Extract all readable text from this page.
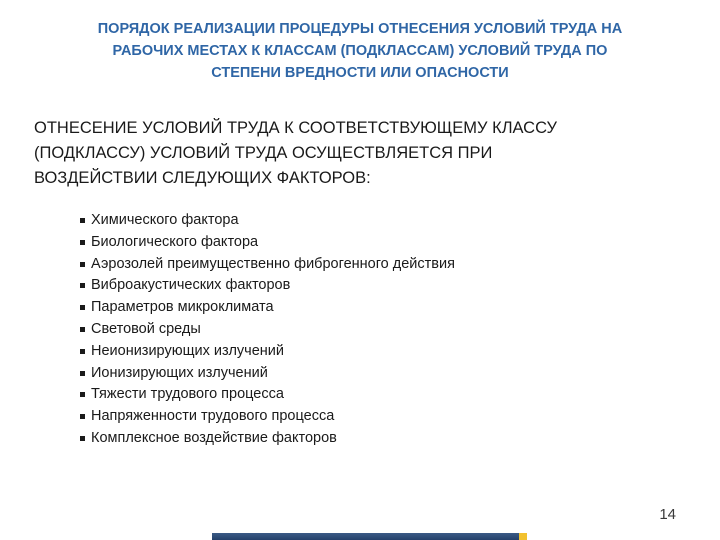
ПОРЯДОК РЕАЛИЗАЦИИ ПРОЦЕДУРЫ ОТНЕСЕНИЯ УСЛОВИЙ ТРУДА НА
РАБОЧИХ МЕСТАХ К КЛАССАМ (ПОДКЛАССАМ) УСЛОВИЙ ТРУДА ПО
СТЕПЕНИ ВРЕДНОСТИ ИЛИ ОПАСНОСТИ

ОТНЕСЕНИЕ УСЛОВИЙ ТРУДА К СООТВЕТСТВУЮЩЕМУ КЛАССУ
(ПОДКЛАССУ) УСЛОВИЙ ТРУДА ОСУЩЕСТВЛЯЕТСЯ ПРИ
ВОЗДЕЙСТВИИ СЛЕДУЮЩИХ ФАКТОРОВ:

Химического фактора
Биологического фактора
Аэрозолей преимущественно фиброгенного действия
Виброакустических факторов
Параметров микроклимата
Световой среды
Неионизирующих излучений
Ионизирующих излучений
Тяжести трудового процесса
Напряженности трудового процесса
Комплексное воздействие факторов
14
